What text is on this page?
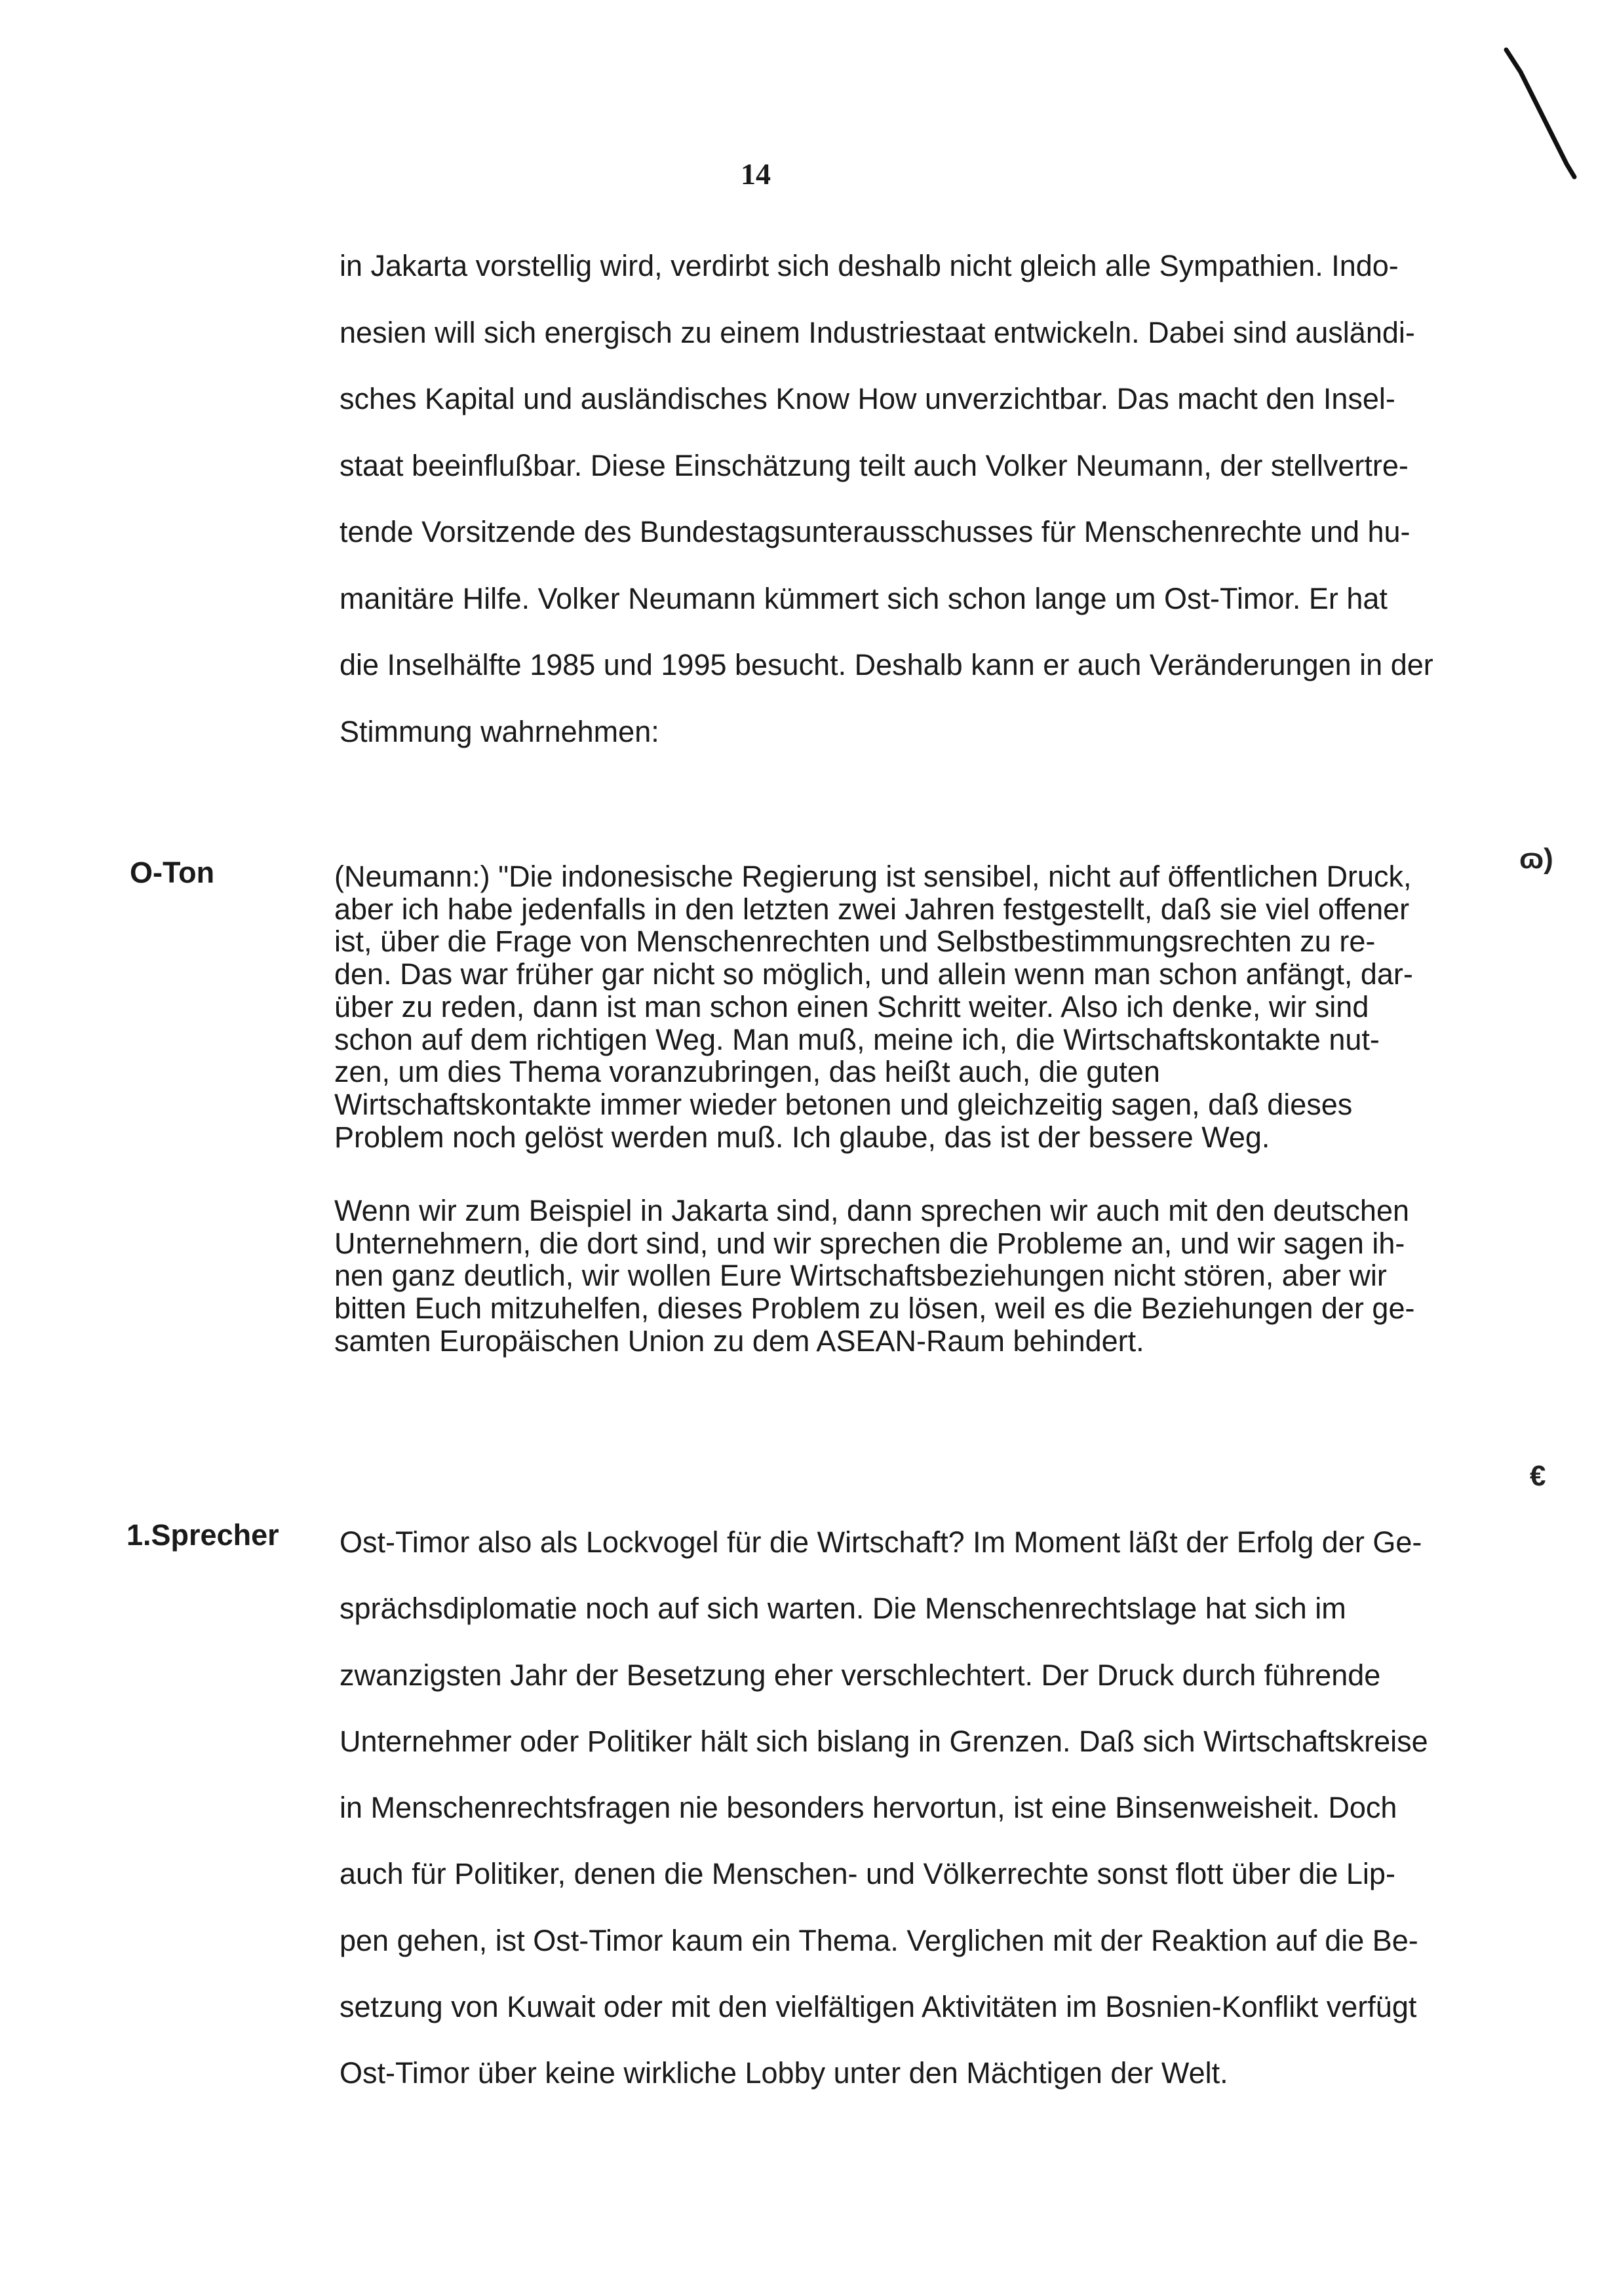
14

in Jakarta vorstellig wird, verdirbt sich deshalb nicht gleich alle Sympathien. Indo-
nesien will sich energisch zu einem Industriestaat entwickeln. Dabei sind ausländi-
sches Kapital und ausländisches Know How unverzichtbar. Das macht den Insel-
staat beeinflußbar. Diese Einschätzung teilt auch Volker Neumann, der stellvertre-
tende Vorsitzende des Bundestagsunterausschusses für Menschenrechte und hu-
manitäre Hilfe. Volker Neumann kümmert sich schon lange um Ost-Timor. Er hat
die Inselhälfte 1985 und 1995 besucht. Deshalb kann er auch Veränderungen in der
Stimmung wahrnehmen:

O-Ton	ɷ)

(Neumann:) "Die indonesische Regierung ist sensibel, nicht auf öffentlichen Druck,
aber ich habe jedenfalls in den letzten zwei Jahren festgestellt, daß sie viel offener
ist, über die Frage von Menschenrechten und Selbstbestimmungsrechten zu re-
den. Das war früher gar nicht so möglich, und allein wenn man schon anfängt, dar-
über zu reden, dann ist man schon einen Schritt weiter. Also ich denke, wir sind
schon auf dem richtigen Weg. Man muß, meine ich, die Wirtschaftskontakte nut-
zen, um dies Thema voranzubringen, das heißt auch, die guten
Wirtschaftskontakte immer wieder betonen und gleichzeitig sagen, daß dieses
Problem noch gelöst werden muß. Ich glaube, das ist der bessere Weg.

Wenn wir zum Beispiel in Jakarta sind, dann sprechen wir auch mit den deutschen
Unternehmern, die dort sind, und wir sprechen die Probleme an, und wir sagen ih-
nen ganz deutlich, wir wollen Eure Wirtschaftsbeziehungen nicht stören, aber wir
bitten Euch mitzuhelfen, dieses Problem zu lösen, weil es die Beziehungen der ge-
samten Europäischen Union zu dem ASEAN-Raum behindert.

€
1.Sprecher Ost-Timor also als Lockvogel für die Wirtschaft? Im Moment läßt der Erfolg der Ge-
sprächsdiplomatie noch auf sich warten. Die Menschenrechtslage hat sich im
zwanzigsten Jahr der Besetzung eher verschlechtert. Der Druck durch führende
Unternehmer oder Politiker hält sich bislang in Grenzen. Daß sich Wirtschaftskreise
in Menschenrechtsfragen nie besonders hervortun, ist eine Binsenweisheit. Doch
auch für Politiker, denen die Menschen- und Völkerrechte sonst flott über die Lip-
pen gehen, ist Ost-Timor kaum ein Thema. Verglichen mit der Reaktion auf die Be-
setzung von Kuwait oder mit den vielfältigen Aktivitäten im Bosnien-Konflikt verfügt
Ost-Timor über keine wirkliche Lobby unter den Mächtigen der Welt.
